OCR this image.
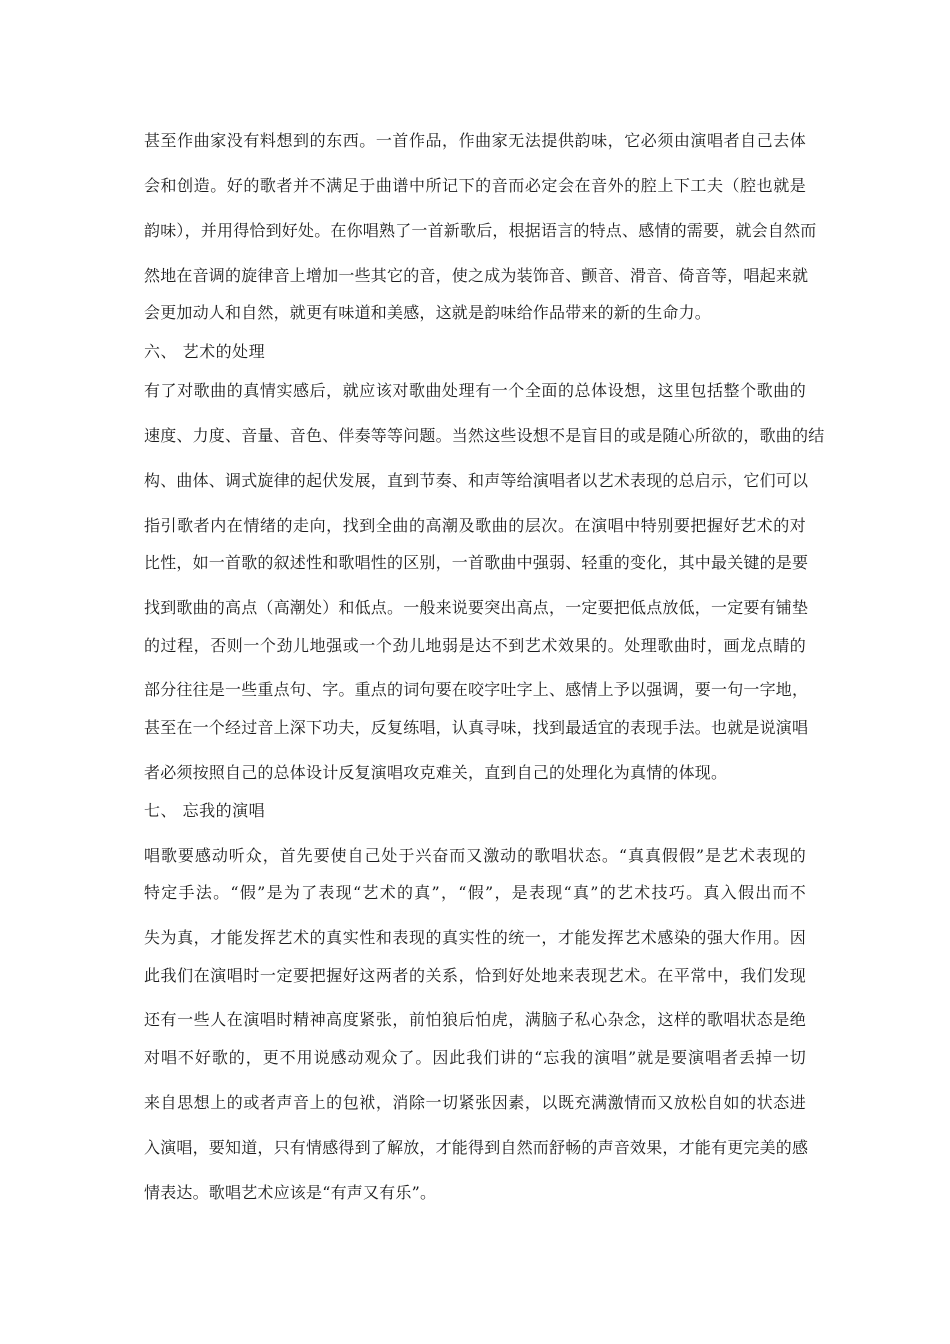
甚至作曲家没有料想到的东西。一首作品，作曲家无法提供韵味，它必须由演唱者自己去体
会和创造。好的歌者并不满足于曲谱中所记下的音而必定会在音外的腔上下工夫（腔也就是
韵味），并用得恰到好处。在你唱熟了一首新歌后，根据语言的特点、感情的需要，就会自然而
然地在音调的旋律音上增加一些其它的音，使之成为装饰音、颤音、滑音、倚音等，唱起来就
会更加动人和自然，就更有味道和美感，这就是韵味给作品带来的新的生命力。
六、 艺术的处理
有了对歌曲的真情实感后，就应该对歌曲处理有一个全面的总体设想，这里包括整个歌曲的
速度、力度、音量、音色、伴奏等等问题。当然这些设想不是盲目的或是随心所欲的，歌曲的结
构、曲体、调式旋律的起伏发展，直到节奏、和声等给演唱者以艺术表现的总启示，它们可以
指引歌者内在情绪的走向，找到全曲的高潮及歌曲的层次。在演唱中特别要把握好艺术的对
比性，如一首歌的叙述性和歌唱性的区别，一首歌曲中强弱、轻重的变化，其中最关键的是要
找到歌曲的高点（高潮处）和低点。一般来说要突出高点，一定要把低点放低，一定要有铺垫
的过程，否则一个劲儿地强或一个劲儿地弱是达不到艺术效果的。处理歌曲时，画龙点睛的
部分往往是一些重点句、字。重点的词句要在咬字吐字上、感情上予以强调，要一句一字地，
甚至在一个经过音上深下功夫，反复练唱，认真寻味，找到最适宜的表现手法。也就是说演唱
者必须按照自己的总体设计反复演唱攻克难关，直到自己的处理化为真情的体现。
七、 忘我的演唱
唱歌要感动听众，首先要使自己处于兴奋而又激动的歌唱状态。“真真假假”是艺术表现的
特定手法。“假”是为了表现“艺术的真”，“假”，是表现“真”的艺术技巧。真入假出而不
失为真，才能发挥艺术的真实性和表现的真实性的统一，才能发挥艺术感染的强大作用。因
此我们在演唱时一定要把握好这两者的关系，恰到好处地来表现艺术。在平常中，我们发现
还有一些人在演唱时精神高度紧张，前怕狼后怕虎，满脑子私心杂念，这样的歌唱状态是绝
对唱不好歌的，更不用说感动观众了。因此我们讲的“忘我的演唱”就是要演唱者丢掉一切
来自思想上的或者声音上的包袱，消除一切紧张因素，以既充满激情而又放松自如的状态进
入演唱，要知道，只有情感得到了解放，才能得到自然而舒畅的声音效果，才能有更完美的感
情表达。歌唱艺术应该是“有声又有乐”。
